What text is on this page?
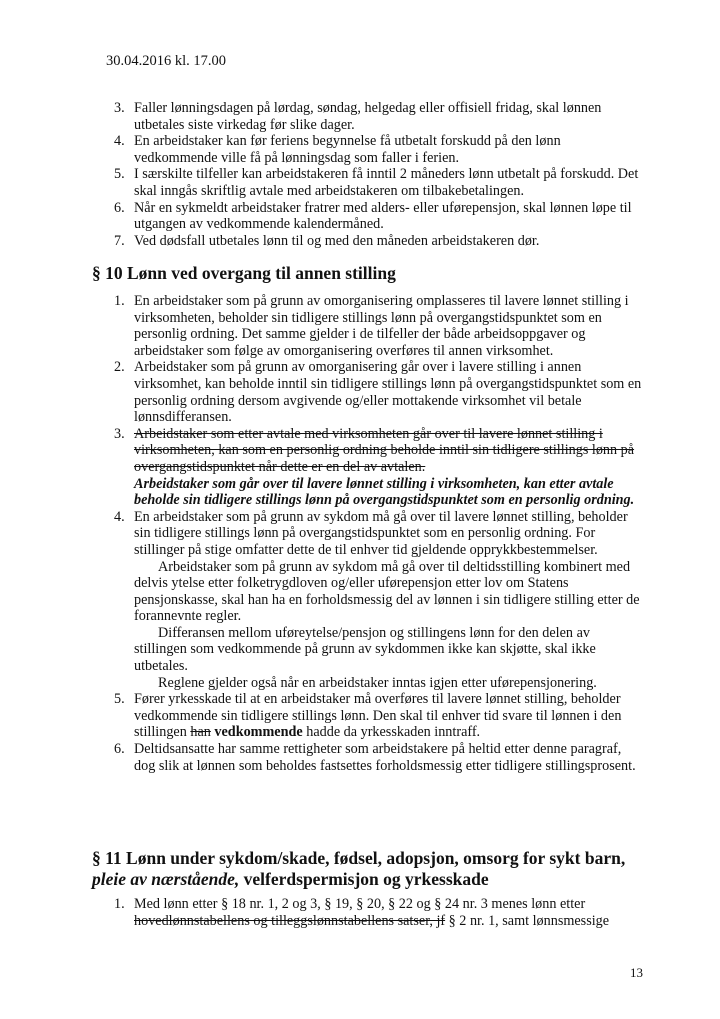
30.04.2016 kl. 17.00
3. Faller lønningsdagen på lørdag, søndag, helgedag eller offisiell fridag, skal lønnen utbetales siste virkedag før slike dager.
4. En arbeidstaker kan før feriens begynnelse få utbetalt forskudd på den lønn vedkommende ville få på lønningsdag som faller i ferien.
5. I særskilte tilfeller kan arbeidstakeren få inntil 2 måneders lønn utbetalt på forskudd. Det skal inngås skriftlig avtale med arbeidstakeren om tilbakebetalingen.
6. Når en sykmeldt arbeidstaker fratrer med alders- eller uførepensjon, skal lønnen løpe til utgangen av vedkommende kalendermåned.
7. Ved dødsfall utbetales lønn til og med den måneden arbeidstakeren dør.
§ 10 Lønn ved overgang til annen stilling
1. En arbeidstaker som på grunn av omorganisering omplasseres til lavere lønnet stilling i virksomheten, beholder sin tidligere stillings lønn på overgangstidspunktet som en personlig ordning. Det samme gjelder i de tilfeller der både arbeidsoppgaver og arbeidstaker som følge av omorganisering overføres til annen virksomhet.
2. Arbeidstaker som på grunn av omorganisering går over i lavere stilling i annen virksomhet, kan beholde inntil sin tidligere stillings lønn på overgangstidspunktet som en personlig ordning dersom avgivende og/eller mottakende virksomhet vil betale lønnsdifferansen.
3. Arbeidstaker som etter avtale med virksomheten går over til lavere lønnet stilling i virksomheten, kan som en personlig ordning beholde inntil sin tidligere stillings lønn på overgangstidspunktet når dette er en del av avtalen.
Arbeidstaker som går over til lavere lønnet stilling i virksomheten, kan etter avtale beholde sin tidligere stillings lønn på overgangstidspunktet som en personlig ordning.
4. En arbeidstaker som på grunn av sykdom må gå over til lavere lønnet stilling, beholder sin tidligere stillings lønn på overgangstidspunktet som en personlig ordning. For stillinger på stige omfatter dette de til enhver tid gjeldende opprykkbestemmelser.

Arbeidstaker som på grunn av sykdom må gå over til deltidsstilling kombinert med delvis ytelse etter folketrygdloven og/eller uførepensjon etter lov om Statens pensjonskasse, skal han ha en forholdsmessig del av lønnen i sin tidligere stilling etter de forannevnte regler.

Differansen mellom uføreytelse/pensjon og stillingens lønn for den delen av stillingen som vedkommende på grunn av sykdommen ikke kan skjøtte, skal ikke utbetales.

Reglene gjelder også når en arbeidstaker inntas igjen etter uførepensjonering.

5. Fører yrkesskade til at en arbeidstaker må overføres til lavere lønnet stilling, beholder vedkommende sin tidligere stillings lønn. Den skal til enhver tid svare til lønnen i den stillingen han vedkommende hadde da yrkesskaden inntraff.
6. Deltidsansatte har samme rettigheter som arbeidstakere på heltid etter denne paragraf, dog slik at lønnen som beholdes fastsettes forholdsmessig etter tidligere stillingsprosent.
§ 11 Lønn under sykdom/skade, fødsel, adopsjon, omsorg for sykt barn, pleie av nærstående, velferdspermisjon og yrkesskade
1. Med lønn etter § 18 nr. 1, 2 og 3, § 19, § 20, § 22 og § 24 nr. 3 menes lønn etter hovedlønnstabellens og tilleggslønnstabellens satser, jf § 2 nr. 1, samt lønnsmessige
13
